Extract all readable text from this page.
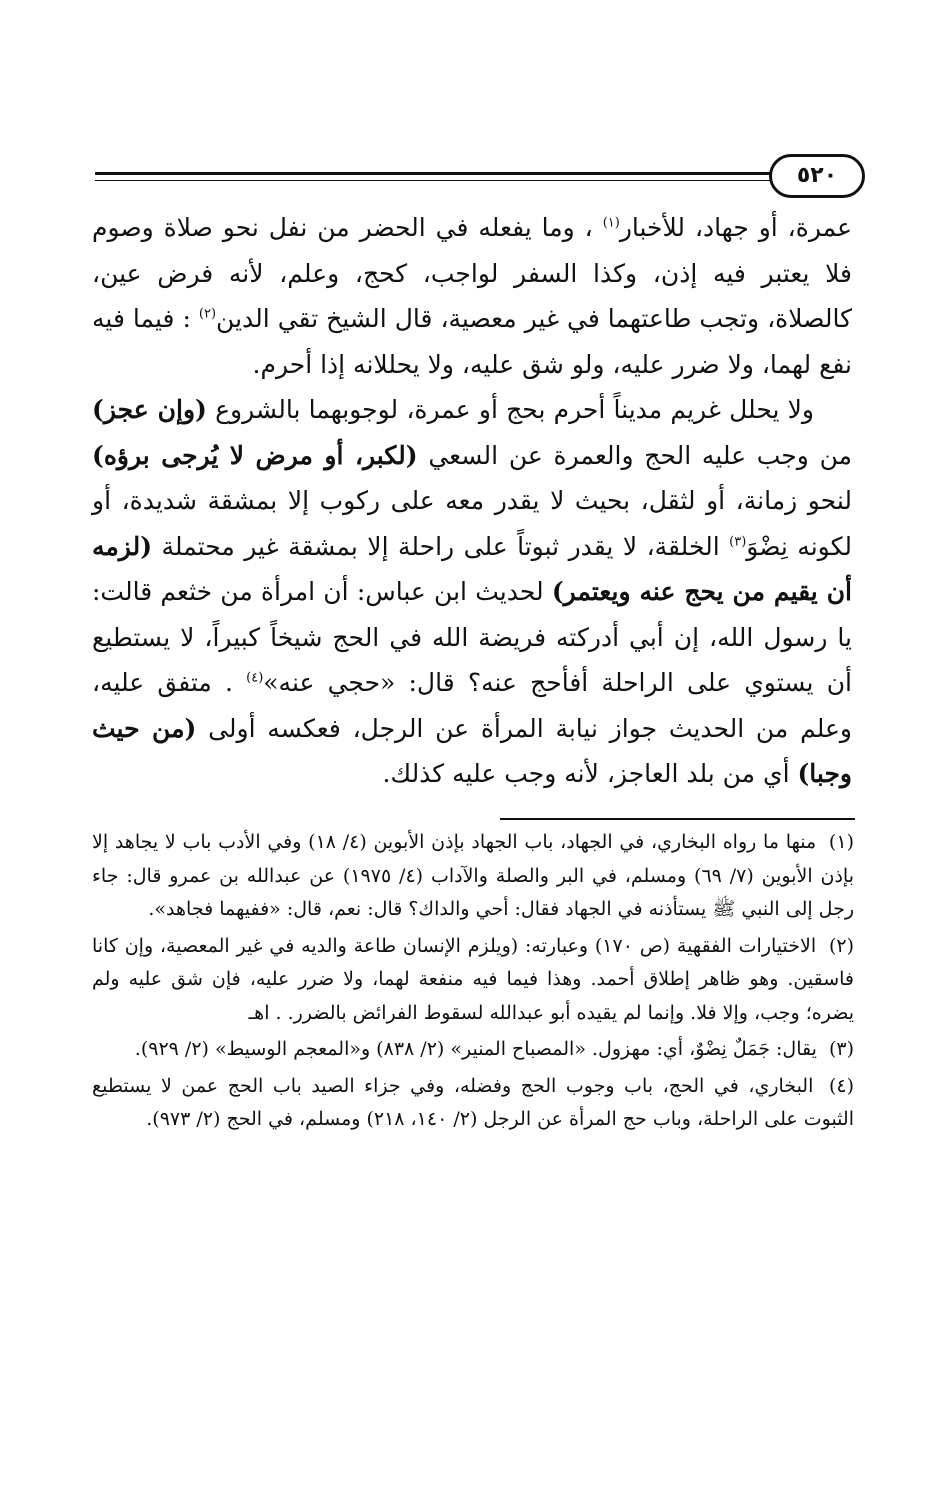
٥٢٠

عمرة، أو جهاد، للأخبار$^{(١)}$ ، وما يفعله في الحضر من نفل نحو صلاة وصوم فلا يعتبر فيه إذن، وكذا السفر لواجب، كحج، وعلم، لأنه فرض عين، كالصلاة، وتجب طاعتهما في غير معصية، قال الشيخ تقي الدين$^{(٢)}$ : فيما فيه نفع لهما، ولا ضرر عليه، ولو شق عليه، ولا يحللانه إذا أحرم.

ولا يحلل غريم مديناً أحرم بحج أو عمرة، لوجوبهما بالشروع (وإن عجز) من وجب عليه الحج والعمرة عن السعي (لكبر، أو مرض لا يُرجى برؤه) لنحو زمانة، أو لثقل، بحيث لا يقدر معه على ركوب إلا بمشقة شديدة، أو لكونه نِضْوَ$^{(٣)}$ الخلقة، لا يقدر ثبوتاً على راحلة إلا بمشقة غير محتملة (لزمه أن يقيم من يحج عنه ويعتمر) لحديث ابن عباس: أن امرأة من خثعم قالت: يا رسول الله، إن أبي أدركته فريضة الله في الحج شيخاً كبيراً، لا يستطيع أن يستوي على الراحلة أفأحج عنه؟ قال: «حجي عنه»$^{(٤)}$ . متفق عليه، وعلم من الحديث جواز نيابة المرأة عن الرجل، فعكسه أولى (من حيث وجبا) أي من بلد العاجز، لأنه وجب عليه كذلك.

(١) منها ما رواه البخاري، في الجهاد، باب الجهاد بإذن الأبوين (٤/ ١٨) وفي الأدب باب لا يجاهد إلا بإذن الأبوين (٧/ ٦٩) ومسلم، في البر والصلة والآداب (٤/ ١٩٧٥) عن عبدالله بن عمرو قال: جاء رجل إلى النبي ﷺ يستأذنه في الجهاد فقال: أحي والداك؟ قال: نعم، قال: «ففيهما فجاهد».

(٢) الاختيارات الفقهية (ص ١٧٠) وعبارته: (ويلزم الإنسان طاعة والديه في غير المعصية، وإن كانا فاسقين. وهو ظاهر إطلاق أحمد. وهذا فيما فيه منفعة لهما، ولا ضرر عليه، فإن شق عليه ولم يضره؛ وجب، وإلا فلا. وإنما لم يقيده أبو عبدالله لسقوط الفرائض بالضرر. . اهـ

(٣) يقال: جَمَلٌ نِضْوٌ، أي: مهزول. «المصباح المنير» (٢/ ٨٣٨) و«المعجم الوسيط» (٢/ ٩٢٩).

(٤) البخاري، في الحج، باب وجوب الحج وفضله، وفي جزاء الصيد باب الحج عمن لا يستطيع الثبوت على الراحلة، وباب حج المرأة عن الرجل (٢/ ١٤٠، ٢١٨) ومسلم، في الحج (٢/ ٩٧٣).
